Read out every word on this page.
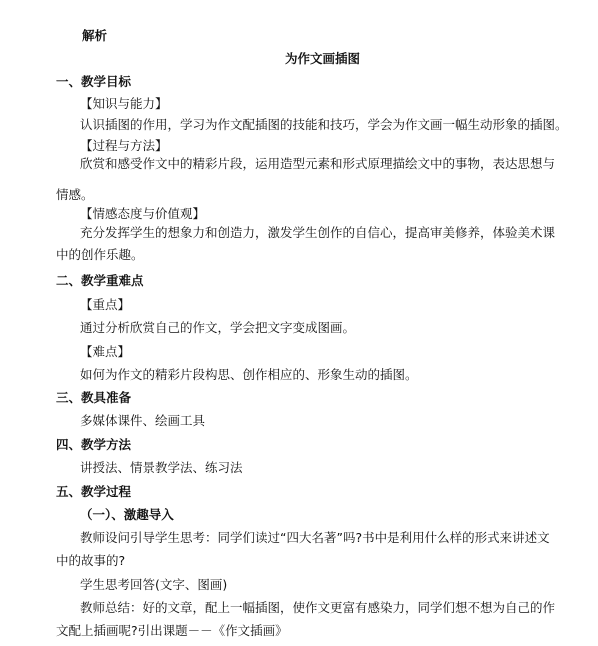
解析
为作文画插图
一、教学目标
【知识与能力】
认识插图的作用，学习为作文配插图的技能和技巧，学会为作文画一幅生动形象的插图。
【过程与方法】
欣赏和感受作文中的精彩片段，运用造型元素和形式原理描绘文中的事物，表达思想与
情感。
【情感态度与价值观】
充分发挥学生的想象力和创造力，激发学生创作的自信心，提高审美修养，体验美术课
中的创作乐趣。
二、教学重难点
【重点】
通过分析欣赏自己的作文，学会把文字变成图画。
【难点】
如何为作文的精彩片段构思、创作相应的、形象生动的插图。
三、教具准备
多媒体课件、绘画工具
四、教学方法
讲授法、情景教学法、练习法
五、教学过程
（一）、激趣导入
教师设问引导学生思考：同学们读过“四大名著”吗?书中是利用什么样的形式来讲述文
中的故事的?
学生思考回答(文字、图画)
教师总结：好的文章，配上一幅插图，使作文更富有感染力，同学们想不想为自己的作
文配上插画呢?引出课题－－《作文插画》
